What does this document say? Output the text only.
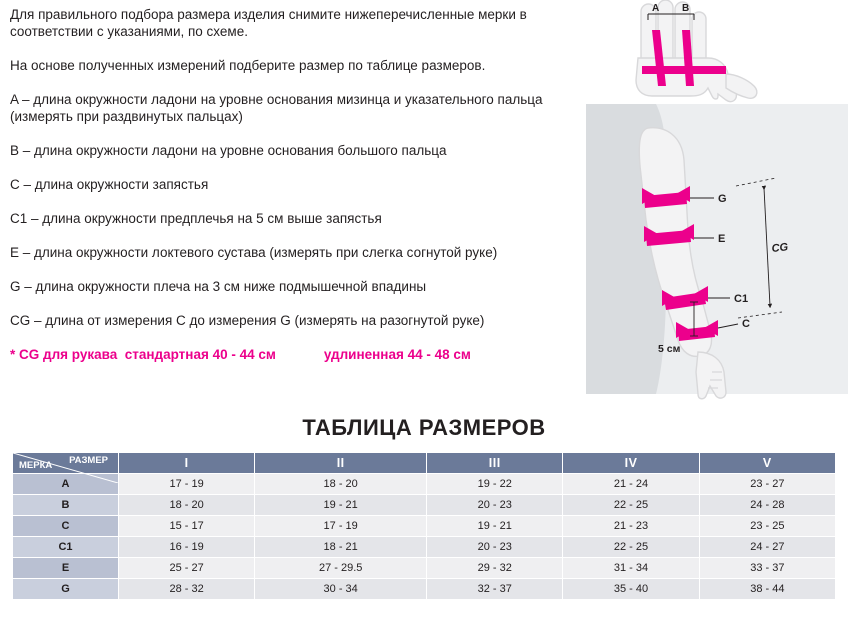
Для правильного подбора размера изделия снимите нижеперечисленные мерки в соответствии с указаниями, по схеме.

На основе полученных измерений подберите размер по таблице размеров.

A – длина окружности ладони на уровне основания мизинца и указательного пальца (измерять при раздвинутых пальцах)

B – длина окружности ладони на уровне основания большого пальца

C – длина окружности запястья

C1 – длина окружности предплечья на 5 см выше запястья

E – длина окружности локтевого сустава (измерять при слегка согнутой руке)

G – длина окружности плеча на 3 см ниже подмышечной впадины

CG – длина от измерения C до измерения G (измерять на разогнутой руке)

* CG для рукава  стандартная 40 - 44 см	удлиненная 44 - 48 см
A B
G
E
C1
C
CG
5 см
ТАБЛИЦА РАЗМЕРОВ
МЕРКА РАЗМЕР	I	II	III	IV	V
A	17 - 19	18 - 20	19 - 22	21 - 24	23 - 27
B	18 - 20	19 - 21	20 - 23	22 - 25	24 - 28
C	15 - 17	17 - 19	19 - 21	21 - 23	23 - 25
C1	16 - 19	18 - 21	20 - 23	22 - 25	24 - 27
E	25 - 27	27 - 29.5	29 - 32	31 - 34	33 - 37
G	28 - 32	30 - 34	32 - 37	35 - 40	38 - 44
